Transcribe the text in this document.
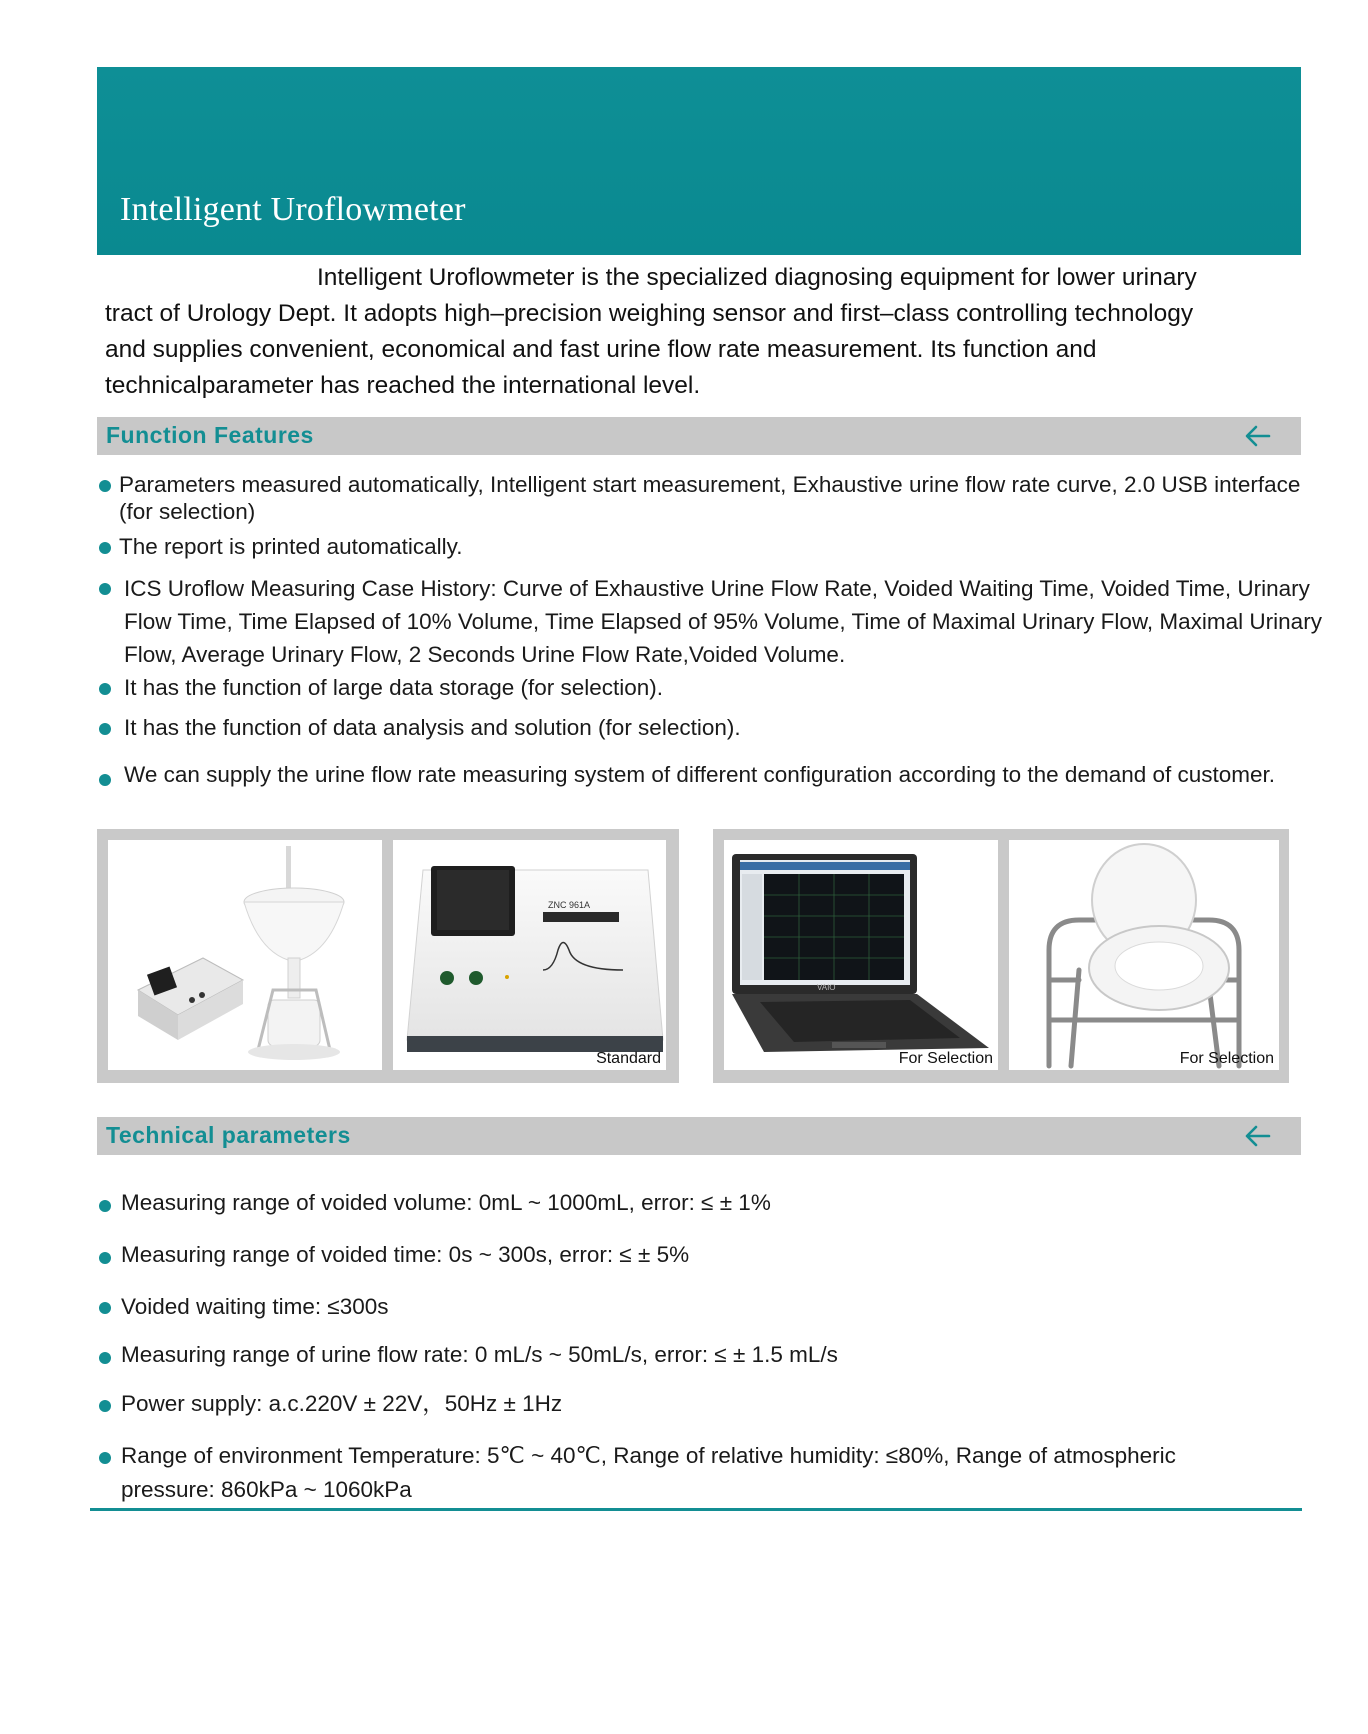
Intelligent Uroflowmeter
Intelligent Uroflowmeter is the specialized diagnosing equipment for lower urinary
tract of Urology Dept. It adopts high–precision weighing sensor and first–class controlling technology
and supplies convenient, economical and fast urine flow rate measurement. Its function and
technicalparameter has reached the international level.
Function Features
Parameters measured automatically, Intelligent start measurement, Exhaustive urine flow rate curve, 2.0 USB interface (for selection)
The report is printed automatically.
ICS Uroflow Measuring Case History: Curve of Exhaustive Urine Flow Rate, Voided Waiting Time, Voided Time, Urinary Flow Time, Time Elapsed of 10% Volume, Time Elapsed of 95% Volume, Time of Maximal Urinary Flow, Maximal Urinary Flow, Average Urinary Flow, 2 Seconds Urine Flow Rate,Voided Volume.
It has the function of large data storage (for selection).
It has the function of data analysis and solution (for selection).
We can supply the urine flow rate measuring system of different configuration according to the demand of customer.
ZNC 961A
Standard
VAIO
For Selection	For Selection
Technical parameters
Measuring range of voided volume: 0mL ~ 1000mL, error: ≤ ± 1%
Measuring range of voided time: 0s ~ 300s, error: ≤ ± 5%
Voided waiting time: ≤300s
Measuring range of urine flow rate: 0 mL/s ~ 50mL/s, error: ≤ ± 1.5 mL/s
Power supply: a.c.220V ± 22V，50Hz ± 1Hz
Range of environment Temperature: 5℃ ~ 40℃, Range of relative humidity: ≤80%, Range of atmospheric pressure: 860kPa ~ 1060kPa
